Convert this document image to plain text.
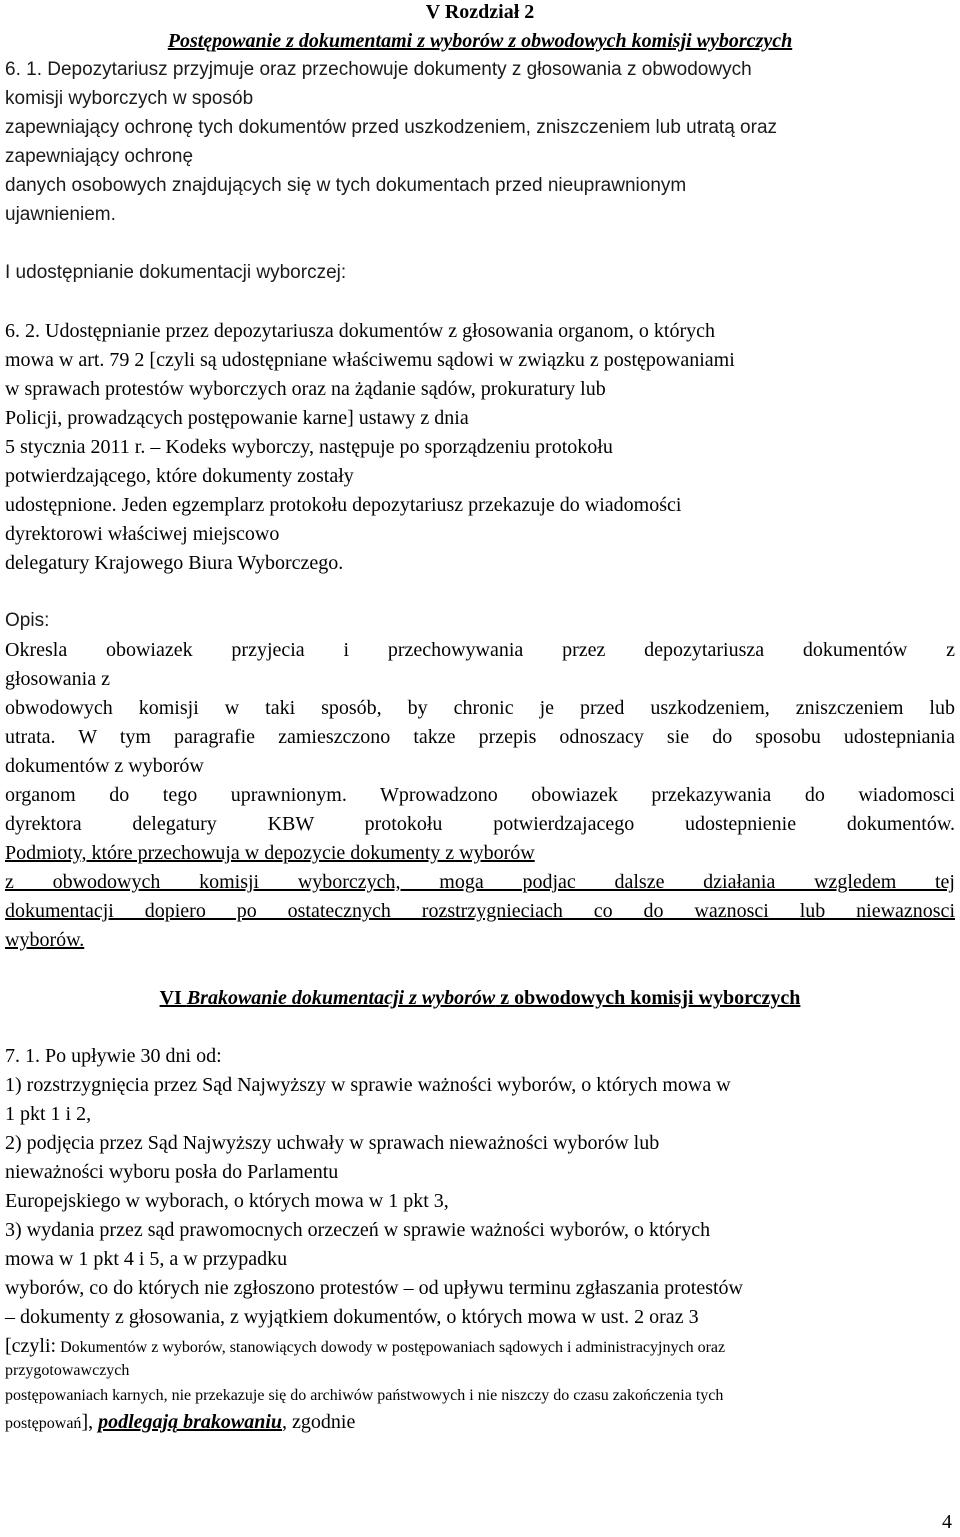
V Rozdział 2
Postępowanie z dokumentami z wyborów z obwodowych komisji wyborczych
6. 1. Depozytariusz przyjmuje oraz przechowuje dokumenty z głosowania z obwodowych
komisji wyborczych w sposób
zapewniający ochronę tych dokumentów przed uszkodzeniem, zniszczeniem lub utratą oraz
zapewniający ochronę
danych osobowych znajdujących się w tych dokumentach przed nieuprawnionym
ujawnieniem.
I udostępnianie dokumentacji wyborczej:
6. 2. Udostępnianie przez depozytariusza dokumentów z głosowania organom, o których
mowa w art. 79 2 [czyli są udostępniane właściwemu sądowi w związku z postępowaniami
w sprawach protestów wyborczych oraz na żądanie sądów, prokuratury lub
Policji, prowadzących postępowanie karne] ustawy z dnia
5 stycznia 2011 r. – Kodeks wyborczy, następuje po sporządzeniu protokołu
potwierdzającego, które dokumenty zostały
udostępnione. Jeden egzemplarz protokołu depozytariusz przekazuje do wiadomości
dyrektorowi właściwej miejscowo
delegatury Krajowego Biura Wyborczego.
Opis:
Okresla obowiazek przyjecia i przechowywania przez depozytariusza dokumentów z
głosowania z
obwodowych komisji w taki sposób, by chronic je przed uszkodzeniem, zniszczeniem lub
utrata. W tym paragrafie zamieszczono takze przepis odnoszacy sie do sposobu udostepniania
dokumentów z wyborów
organom do tego uprawnionym. Wprowadzono obowiazek przekazywania do wiadomosci
dyrektora delegatury KBW protokołu potwierdzajacego udostepnienie dokumentów.
Podmioty, które przechowuja w depozycie dokumenty z wyborów
z obwodowych komisji wyborczych, moga podjac dalsze działania wzgledem tej
dokumentacji dopiero po ostatecznych rozstrzygnieciach co do waznosci lub niewaznosci
wyborów.
VI Brakowanie dokumentacji z wyborów z obwodowych komisji wyborczych
7. 1. Po upływie 30 dni od:
1) rozstrzygnięcia przez Sąd Najwyższy w sprawie ważności wyborów, o których mowa w
1 pkt 1 i 2,
2) podjęcia przez Sąd Najwyższy uchwały w sprawach nieważności wyborów lub
nieważności wyboru posła do Parlamentu
Europejskiego w wyborach, o których mowa w 1 pkt 3,
3) wydania przez sąd prawomocnych orzeczeń w sprawie ważności wyborów, o których
mowa w 1 pkt 4 i 5, a w przypadku
wyborów, co do których nie zgłoszono protestów – od upływu terminu zgłaszania protestów
– dokumenty z głosowania, z wyjątkiem dokumentów, o których mowa w ust. 2 oraz 3
[czyli: Dokumentów z wyborów, stanowiących dowody w postępowaniach sądowych i administracyjnych oraz
przygotowawczych
postępowaniach karnych, nie przekazuje się do archiwów państwowych i nie niszczy do czasu zakończenia tych
postępowań], podlegają brakowaniu, zgodnie
4
